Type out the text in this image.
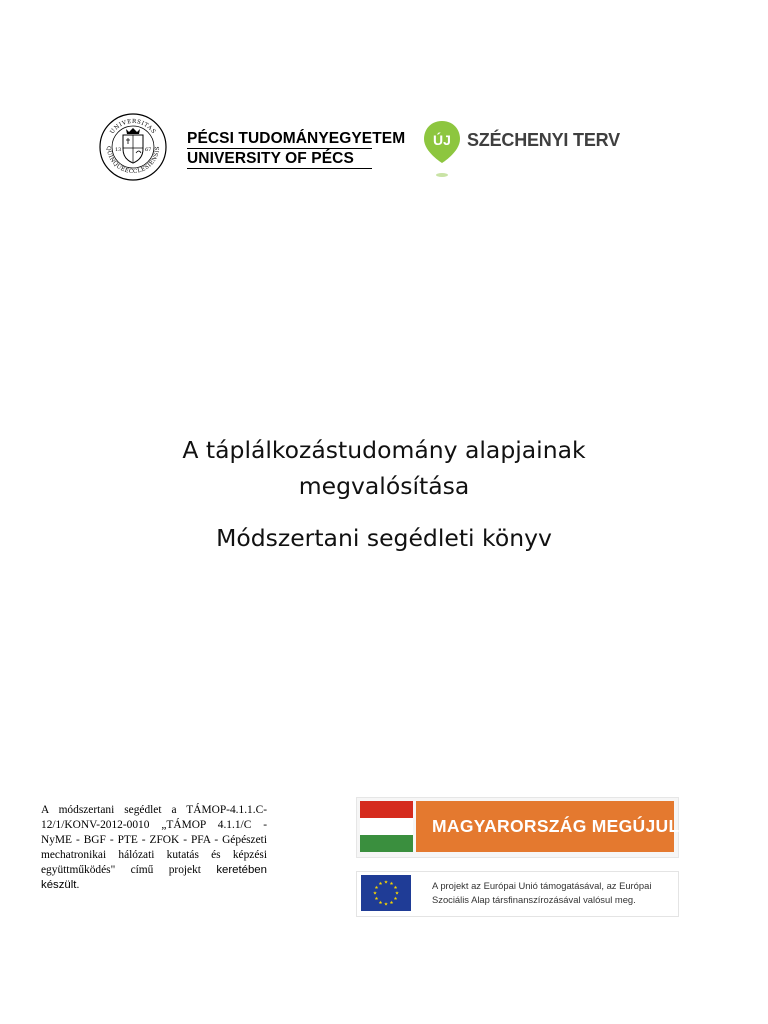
UNIVERSITAS
QUINQUEECCLESIENSIS
13	67
PÉCSI TUDOMÁNYEGYETEM
UNIVERSITY OF PÉCS
ÚJ SZÉCHENYI TERV
A táplálkozástudomány alapjainak
megvalósítása
Módszertani segédleti könyv
A módszertani segédlet a TÁMOP-4.1.1.C-12/1/KONV-2012-0010 „TÁMOP 4.1.1/C - NyME - BGF - PTE - ZFOK - PFA - Gépészeti mechatronikai hálózati kutatás és képzési együttműködés" című projekt keretében készült.
MAGYARORSZÁG MEGÚJUL
A projekt az Európai Unió támogatásával, az Európai Szociális Alap társfinanszírozásával valósul meg.
